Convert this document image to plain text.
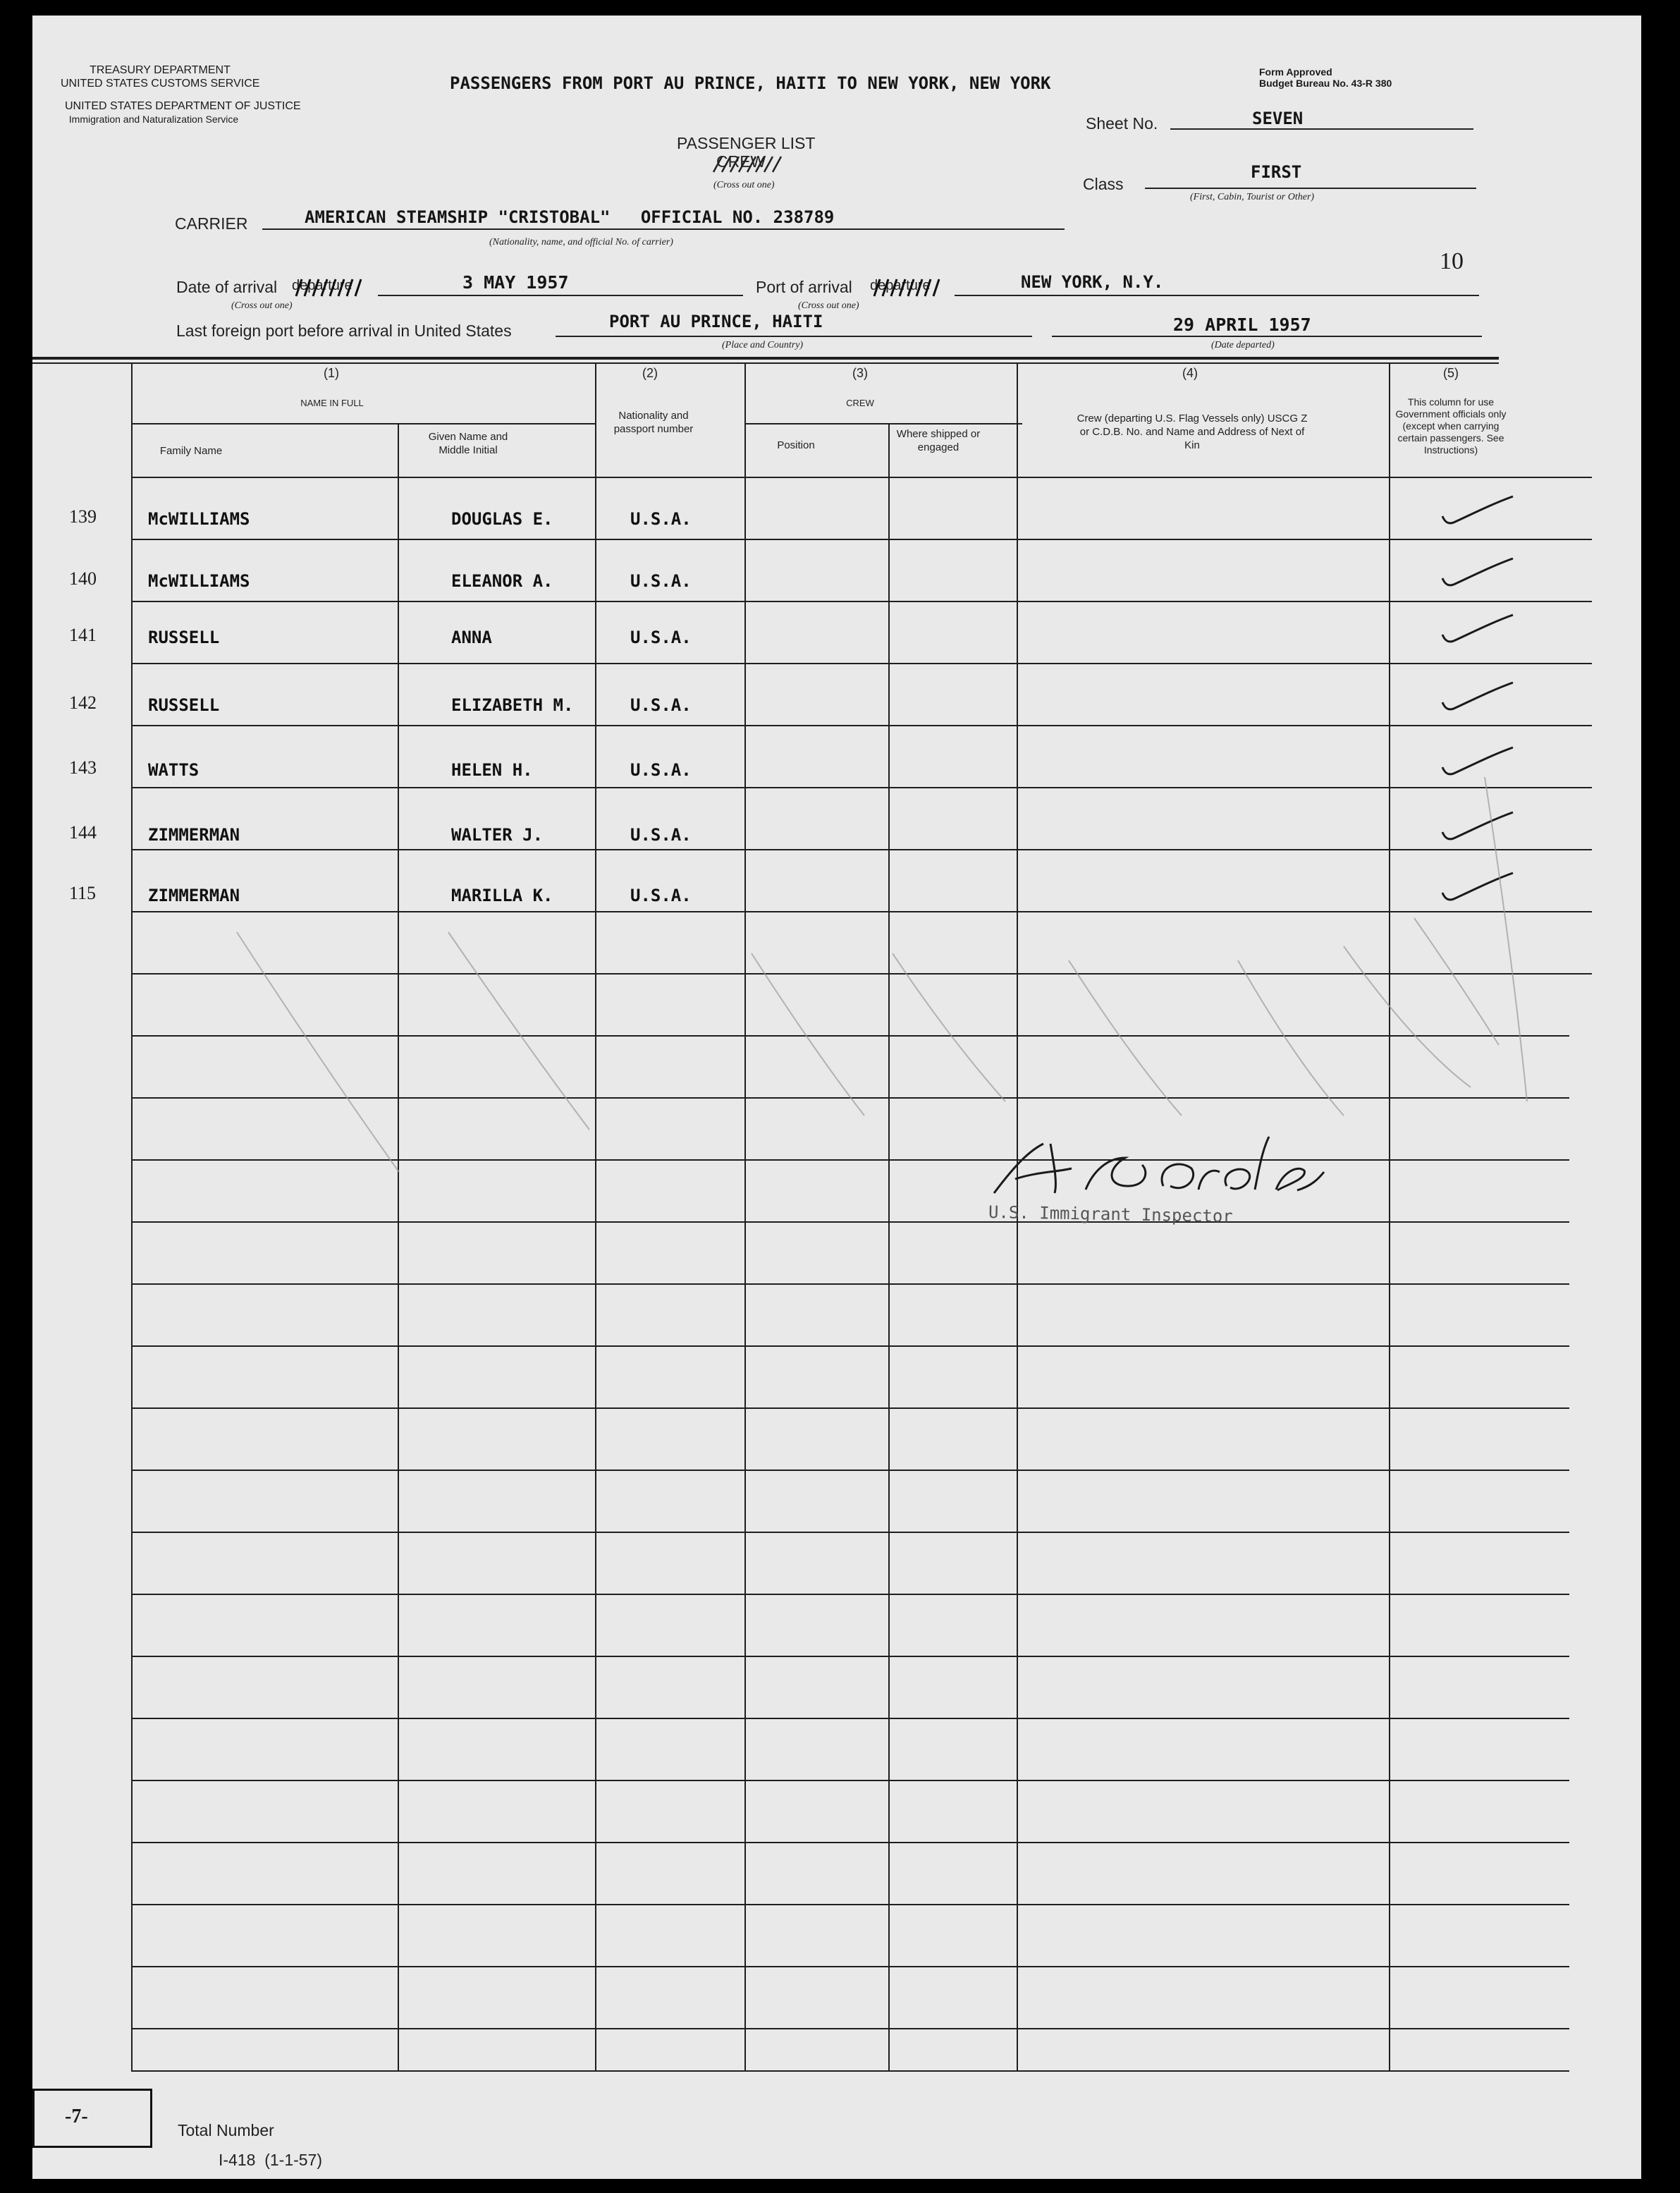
TREASURY DEPARTMENT
UNITED STATES CUSTOMS SERVICE
UNITED STATES DEPARTMENT OF JUSTICE
Immigration and Naturalization Service
PASSENGERS FROM PORT AU PRINCE, HAITI TO NEW YORK, NEW YORK
Form Approved
Budget Bureau No. 43-R 380
PASSENGER LIST
CREW
(Cross out one)
Sheet No.	SEVEN
Class
FIRST
(First, Cabin, Tourist or Other)
CARRIER	AMERICAN STEAMSHIP "CRISTOBAL"   OFFICIAL NO. 238789
(Nationality, name, and official No. of carrier)
10
Date of arrival departure	3 MAY 1957
(Cross out one)
Port of arrival departure	NEW YORK, N.Y.
(Cross out one)
Last foreign port before arrival in United States	PORT AU PRINCE, HAITI
(Place and Country)
29 APRIL 1957
(Date departed)
(1)
NAME IN FULL
Family Name
Given Name and Middle Initial
(2)
Nationality and passport number
(3)
CREW
Position
Where shipped or engaged
(4)
Crew (departing U.S. Flag Vessels only) USCG Z or C.D.B. No. and Name and Address of Next of Kin
(5)
This column for use Government officials only (except when carrying certain passengers. See Instructions)
139	McWILLIAMS	DOUGLAS E.	U.S.A.
140	McWILLIAMS	ELEANOR A.	U.S.A.
141	RUSSELL	ANNA	U.S.A.
142	RUSSELL	ELIZABETH M.	U.S.A.
143	WATTS	HELEN H.	U.S.A.
144	ZIMMERMAN	WALTER J.	U.S.A.
115	ZIMMERMAN	MARILLA K.	U.S.A.
U.S. Immigrant Inspector
-7-
Total Number
I-418  (1-1-57)
